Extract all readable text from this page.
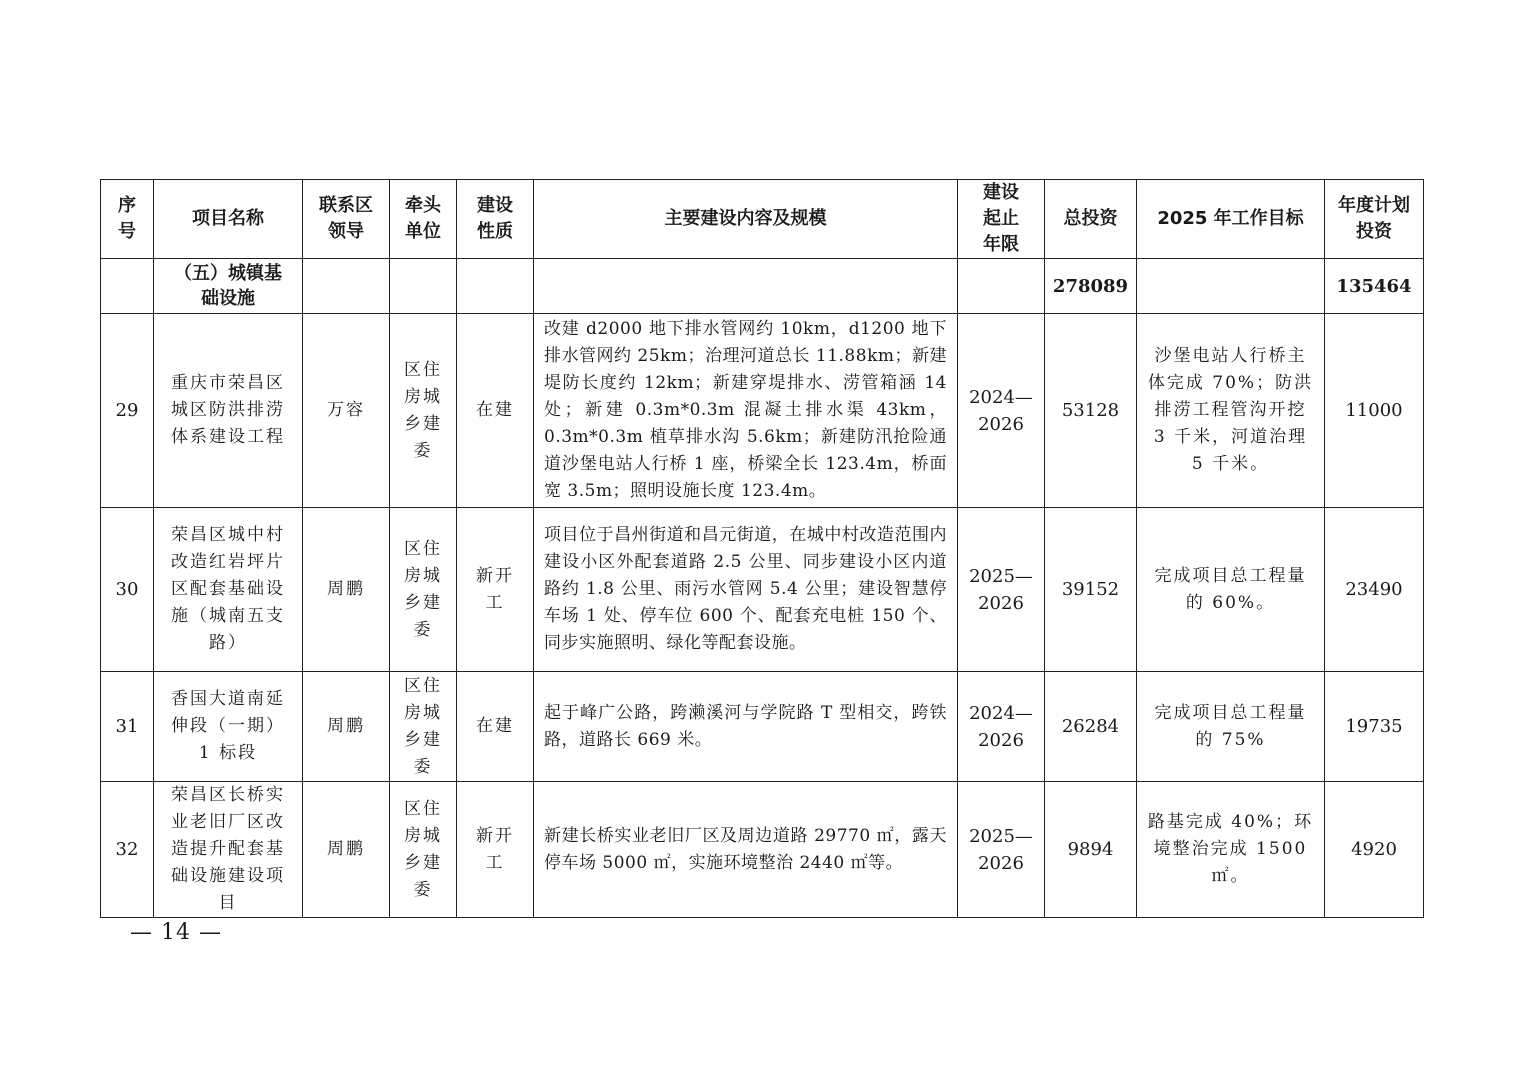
序号	项目名称	联系区领导	牵头单位	建设性质	主要建设内容及规模	建设起止年限	总投资	2025 年工作目标	年度计划投资
	（五）城镇基础设施						278089		135464
29	重庆市荣昌区城区防洪排涝体系建设工程	万容	区住房城乡建委	在建	改建 d2000 地下排水管网约 10km，d1200 地下排水管网约 25km；治理河道总长 11.88km；新建堤防长度约 12km；新建穿堤排水、涝管箱涵 14 处；新建 0.3m*0.3m 混凝土排水渠 43km，0.3m*0.3m 植草排水沟 5.6km；新建防汛抢险通道沙堡电站人行桥 1 座，桥梁全长 123.4m，桥面宽 3.5m；照明设施长度 123.4m。	2024—2026	53128	沙堡电站人行桥主体完成 70%；防洪排涝工程管沟开挖 3 千米，河道治理 5 千米。	11000
30	荣昌区城中村改造红岩坪片区配套基础设施（城南五支路）	周鹏	区住房城乡建委	新开工	项目位于昌州街道和昌元街道，在城中村改造范围内建设小区外配套道路 2.5 公里、同步建设小区内道路约 1.8 公里、雨污水管网 5.4 公里；建设智慧停车场 1 处、停车位 600 个、配套充电桩 150 个、同步实施照明、绿化等配套设施。	2025—2026	39152	完成项目总工程量的 60%。	23490
31	香国大道南延伸段（一期）1 标段	周鹏	区住房城乡建委	在建	起于峰广公路，跨濑溪河与学院路 T 型相交，跨铁路，道路长 669 米。	2024—2026	26284	完成项目总工程量的 75%	19735
32	荣昌区长桥实业老旧厂区改造提升配套基础设施建设项目	周鹏	区住房城乡建委	新开工	新建长桥实业老旧厂区及周边道路 29770 ㎡，露天停车场 5000 ㎡，实施环境整治 2440 ㎡等。	2025—2026	9894	路基完成 40%；环境整治完成 1500 ㎡。	4920
— 14 —
